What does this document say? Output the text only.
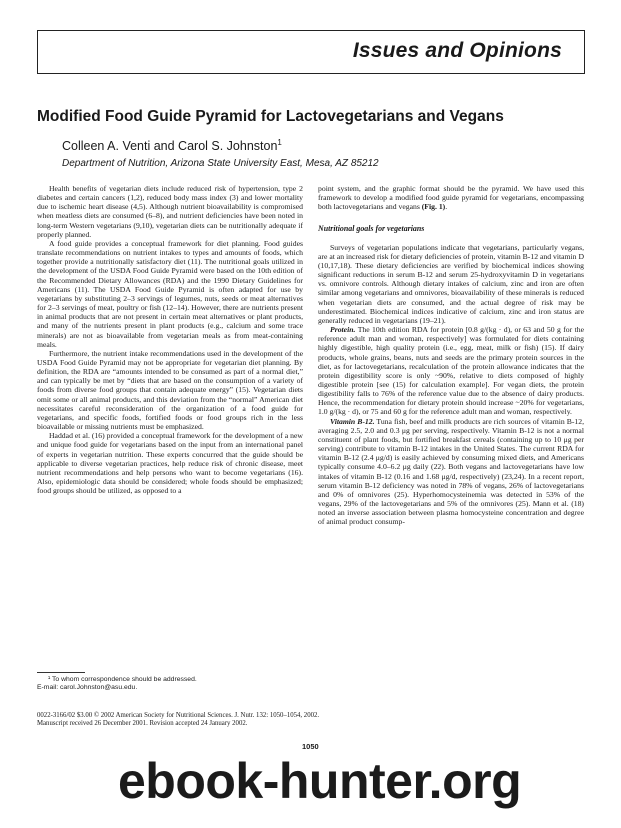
Issues and Opinions
Modified Food Guide Pyramid for Lactovegetarians and Vegans
Colleen A. Venti and Carol S. Johnston$^1$
Department of Nutrition, Arizona State University East, Mesa, AZ 85212

Health benefits of vegetarian diets include reduced risk of hypertension, type 2 diabetes and certain cancers (1,2), reduced body mass index (3) and lower mortality due to ischemic heart disease (4,5). Although nutrient bioavailability is compromised when meatless diets are consumed (6–8), and nutrient deficiencies have been noted in long-term Western vegetarians (9,10), vegetarian diets can be nutritionally adequate if properly planned.

A food guide provides a conceptual framework for diet planning. Food guides translate recommendations on nutrient intakes to types and amounts of foods, which together provide a nutritionally satisfactory diet (11). The nutritional goals utilized in the development of the USDA Food Guide Pyramid were based on the 10th edition of the Recommended Dietary Allowances (RDA) and the 1990 Dietary Guidelines for Americans (11). The USDA Food Guide Pyramid is often adapted for use by vegetarians by substituting 2–3 servings of legumes, nuts, seeds or meat alternatives for 2–3 servings of meat, poultry or fish (12–14). However, there are nutrients present in animal products that are not present in certain meat alternatives or plant products, and many of the nutrients present in plant products (e.g., calcium and some trace minerals) are not as bioavailable from vegetarian meals as from meat-containing meals.

Furthermore, the nutrient intake recommendations used in the development of the USDA Food Guide Pyramid may not be appropriate for vegetarian diet planning. By definition, the RDA are “amounts intended to be consumed as part of a normal diet,” and can typically be met by “diets that are based on the consumption of a variety of foods from diverse food groups that contain adequate energy” (15). Vegetarian diets omit some or all animal products, and this deviation from the “normal” American diet necessitates careful reconsideration of the organization of a food guide for vegetarians, and specific foods, fortified foods or food groups rich in the less bioavailable or missing nutrients must be emphasized.

Haddad et al. (16) provided a conceptual framework for the development of a new and unique food guide for vegetarians based on the input from an international panel of experts in vegetarian nutrition. These experts concurred that the guide should be applicable to diverse vegetarian practices, help reduce risk of chronic disease, meet nutrient recommendations and help persons who want to become vegetarians (16). Also, epidemiologic data should be considered; whole foods should be emphasized; food groups should be utilized, as opposed to a

point system, and the graphic format should be the pyramid. We have used this framework to develop a modified food guide pyramid for vegetarians, encompassing both lactovegetarians and vegans (Fig. 1).

Nutritional goals for vegetarians

Surveys of vegetarian populations indicate that vegetarians, particularly vegans, are at an increased risk for dietary deficiencies of protein, vitamin B-12 and vitamin D (10,17,18). These dietary deficiencies are verified by biochemical indices showing significant reductions in serum B-12 and serum 25-hydroxyvitamin D in vegetarians vs. omnivore controls. Although dietary intakes of calcium, zinc and iron are often similar among vegetarians and omnivores, bioavailability of these minerals is reduced when vegetarian diets are consumed, and the actual degree of risk may be underestimated. Biochemical indices indicative of calcium, zinc and iron status are generally reduced in vegetarians (19–21).

Protein. The 10th edition RDA for protein [0.8 g/(kg · d), or 63 and 50 g for the reference adult man and woman, respectively] was formulated for diets containing highly digestible, high quality protein (i.e., egg, meat, milk or fish) (15). If dairy products, whole grains, beans, nuts and seeds are the primary protein sources in the diet, as for lactovegetarians, recalculation of the protein allowance indicates that the protein digestibility score is only ~90%, relative to diets composed of highly digestible protein [see (15) for calculation example]. For vegan diets, the protein digestibility falls to 76% of the reference value due to the absence of dairy products. Hence, the recommendation for dietary protein should increase ~20% for vegetarians, 1.0 g/(kg · d), or 75 and 60 g for the reference adult man and woman, respectively.

Vitamin B-12. Tuna fish, beef and milk products are rich sources of vitamin B-12, averaging 2.5, 2.0 and 0.3 μg per serving, respectively. Vitamin B-12 is not a normal constituent of plant foods, but fortified breakfast cereals (containing up to 10 μg per serving) contribute to vitamin B-12 intakes in the United States. The current RDA for vitamin B-12 (2.4 μg/d) is easily achieved by consuming mixed diets, and Americans typically consume 4.0–6.2 μg daily (22). Both vegans and lactovegetarians have low intakes of vitamin B-12 (0.16 and 1.68 μg/d, respectively) (23,24). In a recent report, serum vitamin B-12 deficiency was noted in 78% of vegans, 26% of lactovegetarians and 0% of omnivores (25). Hyperhomocysteinemia was detected in 53% of the vegans, 29% of the lactovegetarians and 5% of the omnivores (25). Mann et al. (18) noted an inverse association between plasma homocysteine concentration and degree of animal product consump-

¹ To whom correspondence should be addressed.
E-mail: carol.Johnston@asu.edu.
0022-3166/02 $3.00 © 2002 American Society for Nutritional Sciences. J. Nutr. 132: 1050–1054, 2002.
Manuscript received 26 December 2001. Revision accepted 24 January 2002.
1050
ebook-hunter.org
